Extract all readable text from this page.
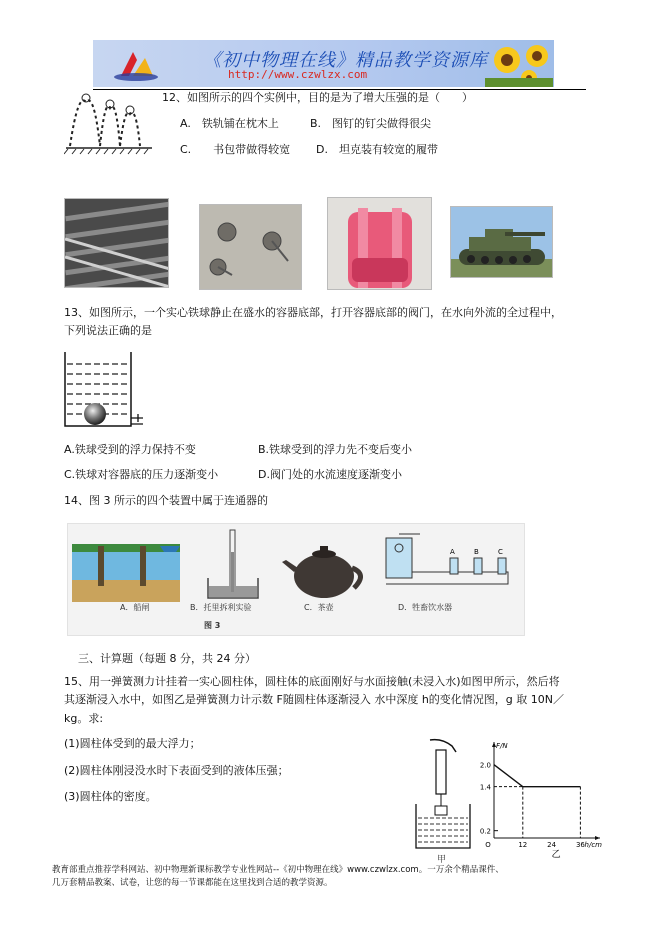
《初中物理在线》精品教学资源库
http://www.czwlzx.com
12、如图所示的四个实例中，目的是为了增大压强的是（　　）
A.　铁轨铺在枕木上	B.　图钉的钉尖做得很尖
C.　　书包带做得较宽 D.　坦克装有较宽的履带
13、如图所示，一个实心铁球静止在盛水的容器底部，打开容器底部的阀门，在水向外流的全过程中，
下列说法正确的是
A.铁球受到的浮力保持不变	B.铁球受到的浮力先不变后变小
C.铁球对容器底的压力逐渐变小	D.阀门处的水流速度逐渐变小
14、图 3 所示的四个装置中属于连通器的
A	B	C
A．船闸	B．托里拆利实验	C．茶壶	D．牲畜饮水器
图 3
三、计算题（每题 8 分，共 24 分）
15、用一弹簧测力计挂着一实心圆柱体，圆柱体的底面刚好与水面接触(未浸入水)如图甲所示，然后将
其逐渐浸入水中，如图乙是弹簧测力计示数 F随圆柱体逐渐浸入 水中深度 h的变化情况图，g 取 10N／
kg。求:
(1)圆柱体受到的最大浮力；
(2)圆柱体刚浸没水时下表面受到的液体压强；
(3)圆柱体的密度。
甲
0.2
1.4
2.0
O	12	24	36 h/cm
F/N
乙
教育部重点推荐学科网站、初中物理新课标教学专业性网站--《初中物理在线》www.czwlzx.com。一万余个精品课件、
几万套精品教案、试卷，让您的每一节课都能在这里找到合适的教学资源。
